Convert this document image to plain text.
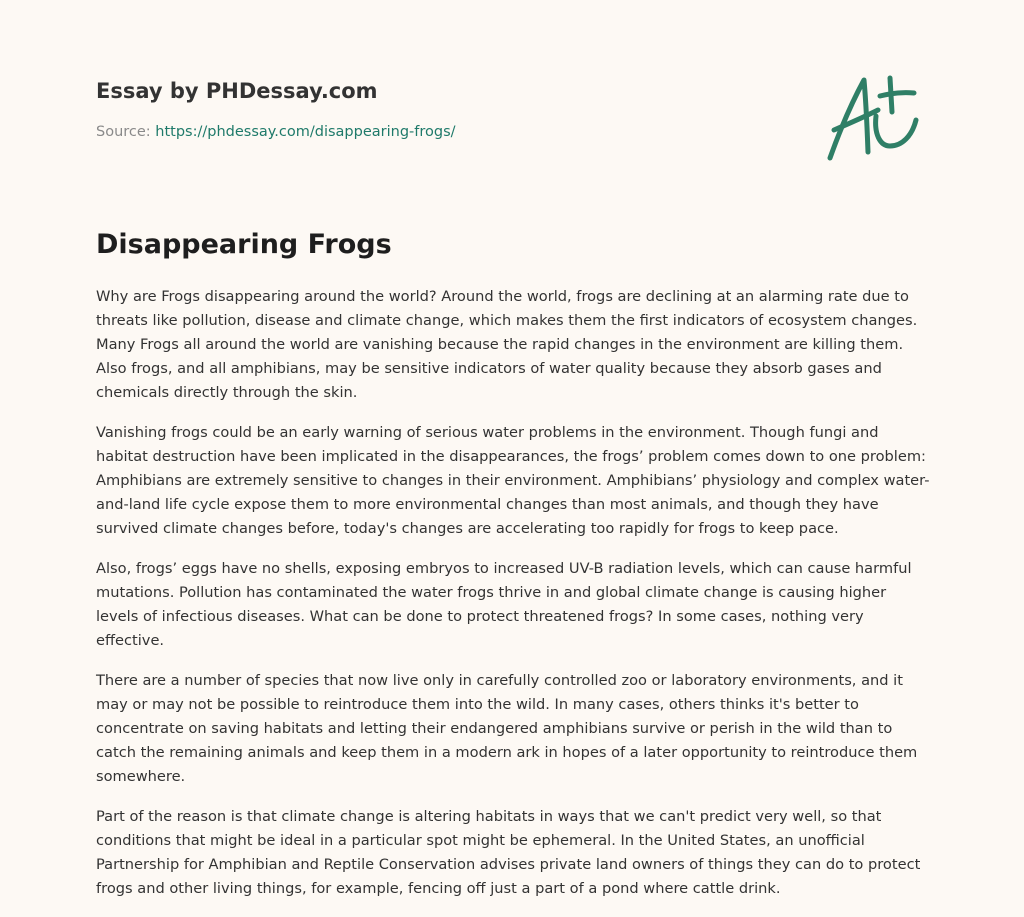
Essay by PHDessay.com

Source: https://phdessay.com/disappearing-frogs/
Disappearing Frogs

Why are Frogs disappearing around the world? Around the world, frogs are declining at an alarming rate due to threats like pollution, disease and climate change, which makes them the first indicators of ecosystem changes. Many Frogs all around the world are vanishing because the rapid changes in the environment are killing them. Also frogs, and all amphibians, may be sensitive indicators of water quality because they absorb gases and chemicals directly through the skin.

Vanishing frogs could be an early warning of serious water problems in the environment. Though fungi and habitat destruction have been implicated in the disappearances, the frogs’ problem comes down to one problem: Amphibians are extremely sensitive to changes in their environment. Amphibians’ physiology and complex water-and-land life cycle expose them to more environmental changes than most animals, and though they have survived climate changes before, today's changes are accelerating too rapidly for frogs to keep pace.

Also, frogs’ eggs have no shells, exposing embryos to increased UV-B radiation levels, which can cause harmful mutations. Pollution has contaminated the water frogs thrive in and global climate change is causing higher levels of infectious diseases. What can be done to protect threatened frogs? In some cases, nothing very effective.

There are a number of species that now live only in carefully controlled zoo or laboratory environments, and it may or may not be possible to reintroduce them into the wild. In many cases, others thinks it's better to concentrate on saving habitats and letting their endangered amphibians survive or perish in the wild than to catch the remaining animals and keep them in a modern ark in hopes of a later opportunity to reintroduce them somewhere.

Part of the reason is that climate change is altering habitats in ways that we can't predict very well, so that conditions that might be ideal in a particular spot might be ephemeral. In the United States, an unofficial Partnership for Amphibian and Reptile Conservation advises private land owners of things they can do to protect frogs and other living things, for example, fencing off just a part of a pond where cattle drink.
